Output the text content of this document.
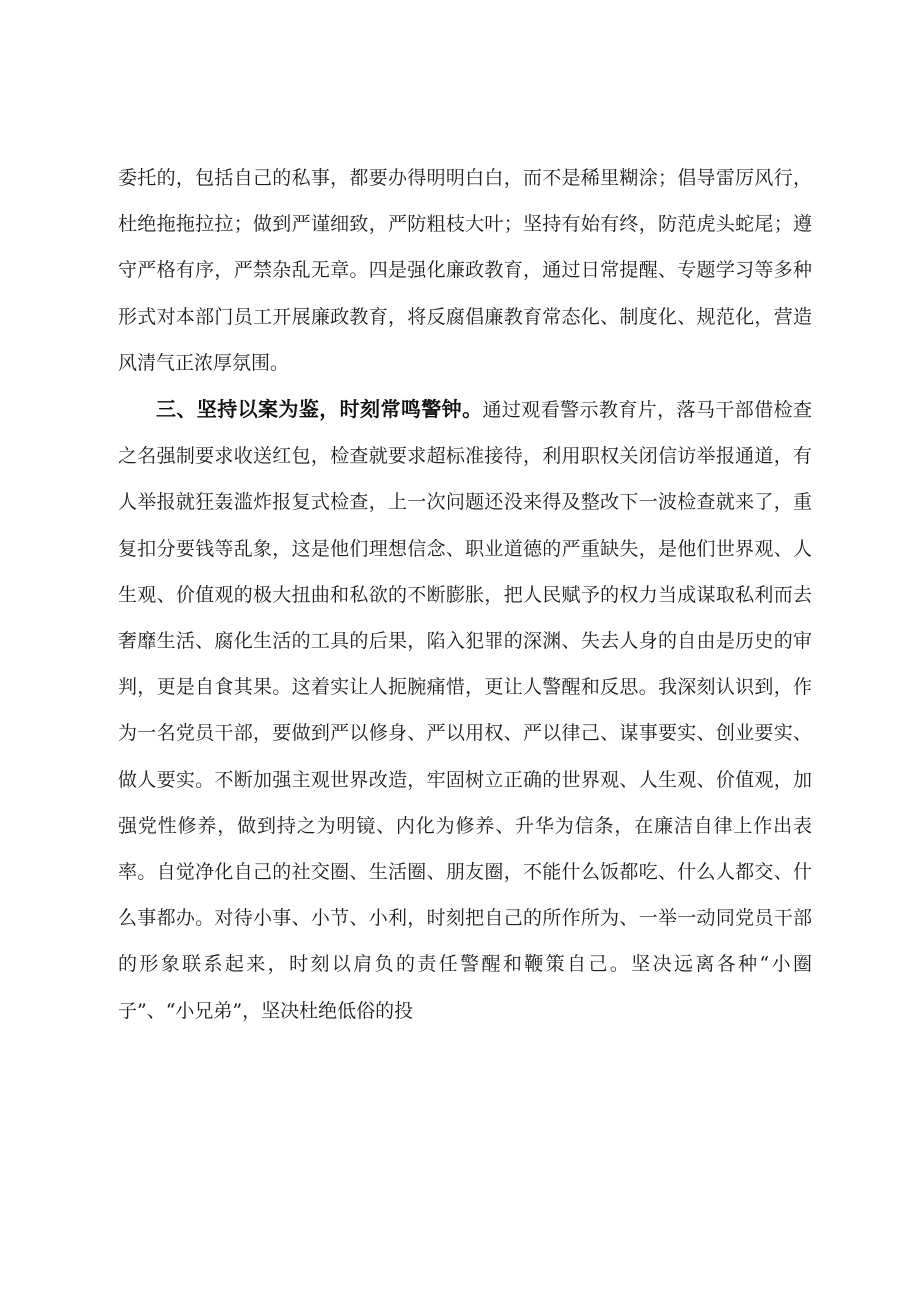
委托的，包括自己的私事，都要办得明明白白，而不是稀里糊涂；倡导雷厉风行，杜绝拖拖拉拉；做到严谨细致，严防粗枝大叶；坚持有始有终，防范虎头蛇尾；遵守严格有序，严禁杂乱无章。四是强化廉政教育，通过日常提醒、专题学习等多种形式对本部门员工开展廉政教育，将反腐倡廉教育常态化、制度化、规范化，营造风清气正浓厚氛围。

三、坚持以案为鉴，时刻常鸣警钟。通过观看警示教育片，落马干部借检查之名强制要求收送红包，检查就要求超标准接待，利用职权关闭信访举报通道，有人举报就狂轰滥炸报复式检查，上一次问题还没来得及整改下一波检查就来了，重复扣分要钱等乱象，这是他们理想信念、职业道德的严重缺失，是他们世界观、人生观、价值观的极大扭曲和私欲的不断膨胀，把人民赋予的权力当成谋取私利而去奢靡生活、腐化生活的工具的后果，陷入犯罪的深渊、失去人身的自由是历史的审判，更是自食其果。这着实让人扼腕痛惜，更让人警醒和反思。我深刻认识到，作为一名党员干部，要做到严以修身、严以用权、严以律己、谋事要实、创业要实、做人要实。不断加强主观世界改造，牢固树立正确的世界观、人生观、价值观，加强党性修养，做到持之为明镜、内化为修养、升华为信条，在廉洁自律上作出表率。自觉净化自己的社交圈、生活圈、朋友圈，不能什么饭都吃、什么人都交、什么事都办。对待小事、小节、小利，时刻把自己的所作所为、一举一动同党员干部的形象联系起来，时刻以肩负的责任警醒和鞭策自己。坚决远离各种“小圈子”、“小兄弟”，坚决杜绝低俗的投
